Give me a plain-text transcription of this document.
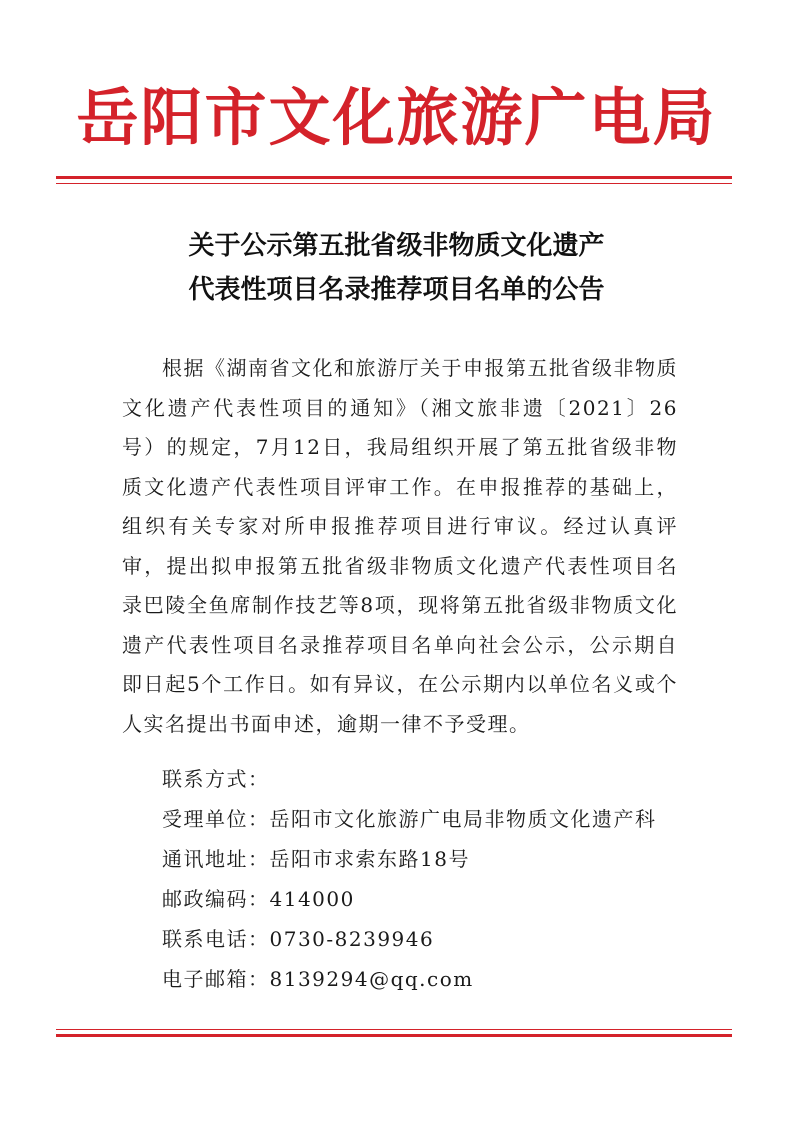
岳阳市文化旅游广电局
关于公示第五批省级非物质文化遗产
代表性项目名录推荐项目名单的公告

根据《湖南省文化和旅游厅关于申报第五批省级非物质文化遗产代表性项目的通知》（湘文旅非遗〔2021〕26号）的规定，7月12日，我局组织开展了第五批省级非物质文化遗产代表性项目评审工作。在申报推荐的基础上，组织有关专家对所申报推荐项目进行审议。经过认真评审，提出拟申报第五批省级非物质文化遗产代表性项目名录巴陵全鱼席制作技艺等8项，现将第五批省级非物质文化遗产代表性项目名录推荐项目名单向社会公示，公示期自即日起5个工作日。如有异议，在公示期内以单位名义或个人实名提出书面申述，逾期一律不予受理。

联系方式：
受理单位：岳阳市文化旅游广电局非物质文化遗产科
通讯地址：岳阳市求索东路18号
邮政编码：414000
联系电话：0730-8239946
电子邮箱：8139294@qq.com
